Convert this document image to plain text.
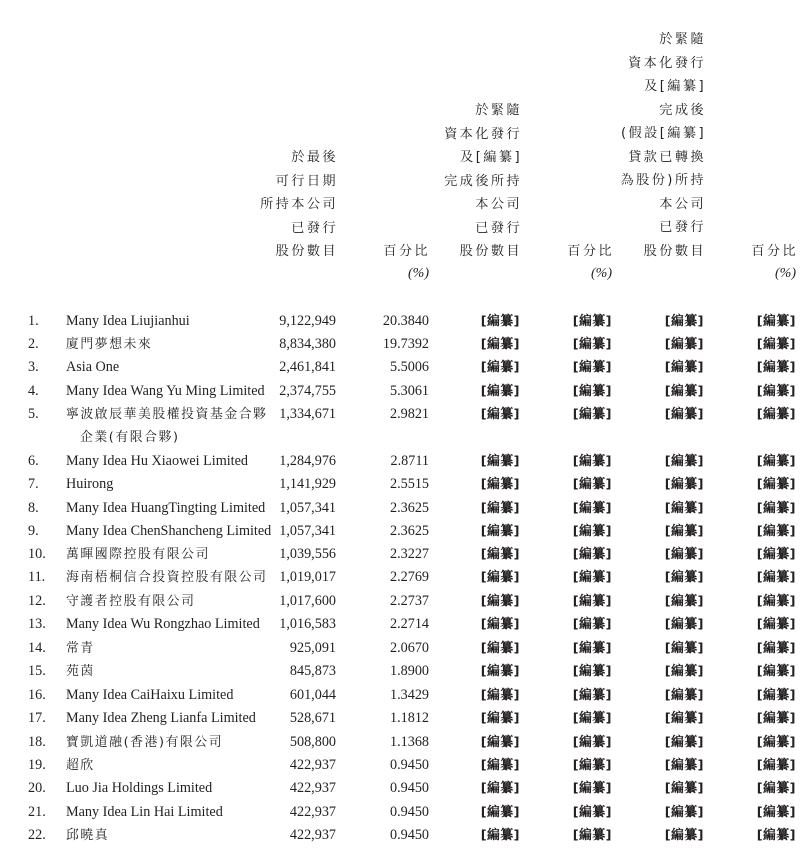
於最後
可行日期
所持本公司
已發行
股份數目	百分比
(%)
於緊隨
資本化發行
及[編纂]
完成後所持
本公司
已發行
股份數目	百分比
(%)
於緊隨
資本化發行
及[編纂]
完成後
(假設[編纂]
貸款已轉換
為股份)所持
本公司
已發行
股份數目	百分比
(%)
1. Many Idea Liujianhui	9,122,949	20.3840	[編纂]	[編纂]	[編纂]	[編纂]
2. 廈門夢想未來	8,834,380	19.7392	[編纂]	[編纂]	[編纂]	[編纂]
3. Asia One	2,461,841	5.5006	[編纂]	[編纂]	[編纂]	[編纂]
4. Many Idea Wang Yu Ming Limited 2,374,755	5.3061	[編纂]	[編纂]	[編纂]	[編纂]
5. 寧波啟辰華美股權投資基金合夥
企業(有限合夥)
1,334,671	2.9821	[編纂]	[編纂]	[編纂]	[編纂]
6. Many Idea Hu Xiaowei Limited 1,284,976	2.8711	[編纂]	[編纂]	[編纂]	[編纂]
7. Huirong	1,141,929	2.5515	[編纂]	[編纂]	[編纂]	[編纂]
8. Many Idea HuangTingting Limited 1,057,341	2.3625	[編纂]	[編纂]	[編纂]	[編纂]
9. Many Idea ChenShancheng Limited 1,057,341	2.3625	[編纂]	[編纂]	[編纂]	[編纂]
10. 萬暉國際控股有限公司	1,039,556	2.3227	[編纂]	[編纂]	[編纂]	[編纂]
11. 海南梧桐信合投資控股有限公司 1,019,017	2.2769	[編纂]	[編纂]	[編纂]	[編纂]
12. 守護者控股有限公司	1,017,600	2.2737	[編纂]	[編纂]	[編纂]	[編纂]
13. Many Idea Wu Rongzhao Limited 1,016,583	2.2714	[編纂]	[編纂]	[編纂]	[編纂]
14. 常青	925,091	2.0670	[編纂]	[編纂]	[編纂]	[編纂]
15. 苑茵	845,873	1.8900	[編纂]	[編纂]	[編纂]	[編纂]
16. Many Idea CaiHaixu Limited	601,044	1.3429	[編纂]	[編纂]	[編纂]	[編纂]
17. Many Idea Zheng Lianfa Limited 528,671	1.1812	[編纂]	[編纂]	[編纂]	[編纂]
18. 寶凱道融(香港)有限公司	508,800	1.1368	[編纂]	[編纂]	[編纂]	[編纂]
19. 超欣	422,937	0.9450	[編纂]	[編纂]	[編纂]	[編纂]
20. Luo Jia Holdings Limited	422,937	0.9450	[編纂]	[編纂]	[編纂]	[編纂]
21. Many Idea Lin Hai Limited	422,937	0.9450	[編纂]	[編纂]	[編纂]	[編纂]
22. 邱曉真	422,937	0.9450	[編纂]	[編纂]	[編纂]	[編纂]
